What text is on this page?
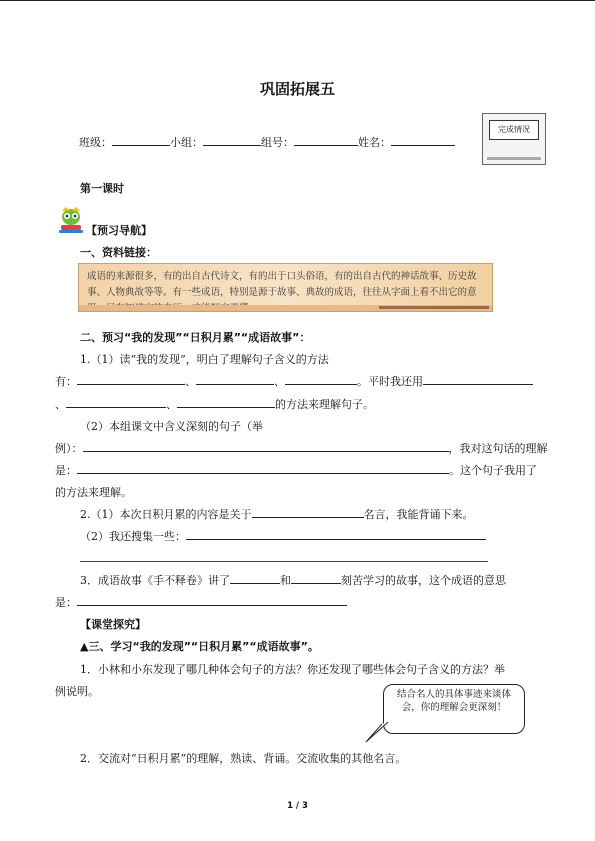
巩固拓展五
班级：	小组：	组号：	姓名：
完成情况
第一课时
【预习导航】
一、资料链接：
成语的来源很多，有的出自古代诗文，有的出于口头俗语，有的出自古代的神话故事、历史故事、人物典故等等。有一些成语，特别是源于故事、典故的成语，往往从字面上看不出它的意
二、预习“我的发现”“日积月累”“成语故事”：
1.（1）读“我的发现”，明白了理解句子含义的方法
有：	、	、	。平时我还用
、	、	的方法来理解句子。
（2）本组课文中含义深刻的句子（举
例）：	，我对这句话的理解
是：	。这个句子我用了
的方法来理解。
2.（1）本次日积月累的内容是关于	名言，我能背诵下来。
（2）我还搜集一些：
3．成语故事《手不释卷》讲了	和	刻苦学习的故事，这个成语的意思
是：
【课堂探究】
▲三、学习“我的发现”“日积月累”“成语故事”。
1．小林和小东发现了哪几种体会句子的方法？你还发现了哪些体会句子含义的方法？举
例说明。	结合名人的具体事迹来谈体会，你的理解会更深刻！
2．交流对“日积月累”的理解，熟读、背诵。交流收集的其他名言。
1 / 3
